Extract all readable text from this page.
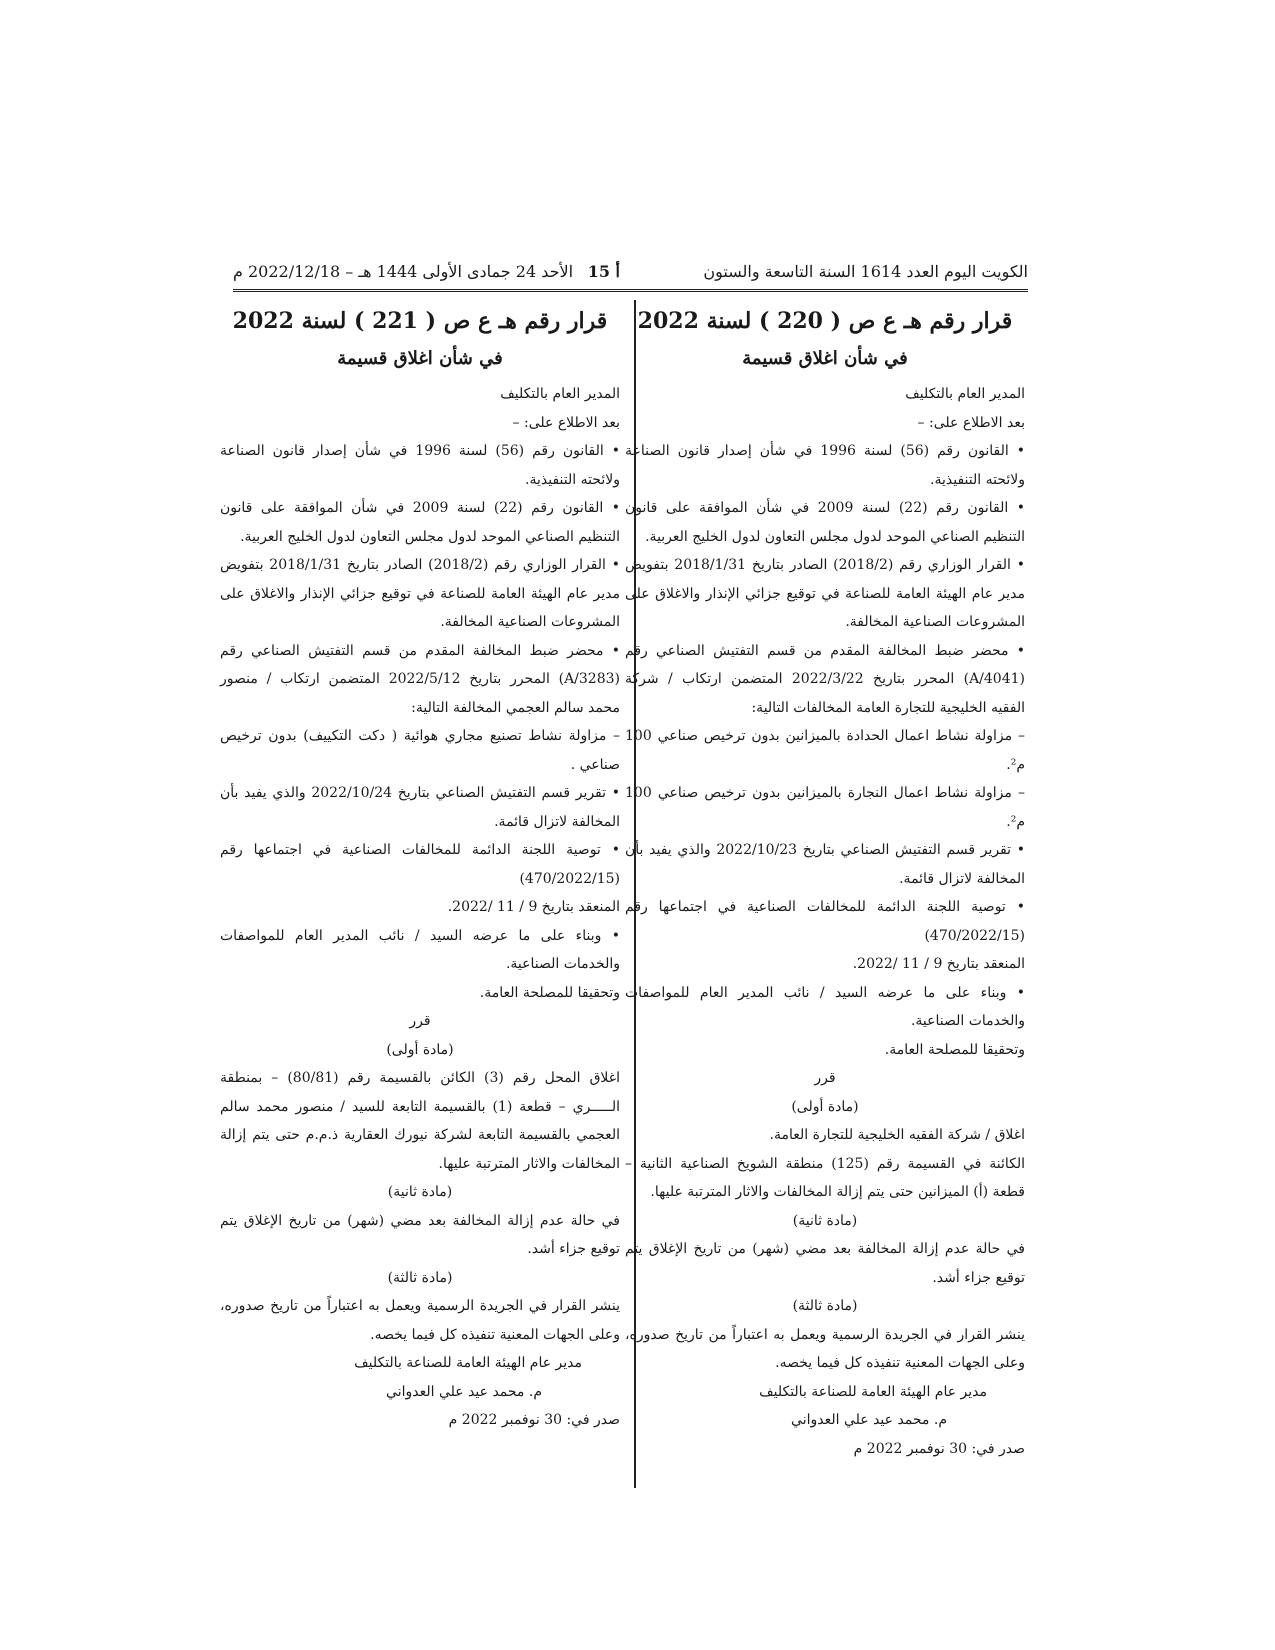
الكويت اليوم العدد 1614 السنة التاسعة والستون
أ 15
الأحد 24 جمادى الأولى 1444 هـ – 2022/12/18 م
قرار رقم هـ ع ص ( 220 ) لسنة 2022
في شأن اغلاق قسيمة

المدير العام بالتكليف

بعد الاطلاع على: –

• القانون رقم (56) لسنة 1996 في شأن إصدار قانون الصناعة ولائحته التنفيذية.

• القانون رقم (22) لسنة 2009 في شأن الموافقة على قانون التنظيم الصناعي الموحد لدول مجلس التعاون لدول الخليج العربية.

• القرار الوزاري رقم (2018/2) الصادر بتاريخ 2018/1/31 بتفويض مدير عام الهيئة العامة للصناعة في توقيع جزائي الإنذار والاغلاق على المشروعات الصناعية المخالفة.

• محضر ضبط المخالفة المقدم من قسم التفتيش الصناعي رقم (A/4041) المحرر بتاريخ 2022/3/22 المتضمن ارتكاب / شركة الفقيه الخليجية للتجارة العامة المخالفات التالية:

– مزاولة نشاط اعمال الحدادة بالميزانين بدون ترخيص صناعي 100 م².

– مزاولة نشاط اعمال النجارة بالميزانين بدون ترخيص صناعي 100 م².

• تقرير قسم التفتيش الصناعي بتاريخ 2022/10/23 والذي يفيد بأن المخالفة لاتزال قائمة.

• توصية اللجنة الدائمة للمخالفات الصناعية في اجتماعها رقم (470/2022/15)

المنعقد بتاريخ 9 / 11 /2022.

• وبناء على ما عرضه السيد / نائب المدير العام للمواصفات والخدمات الصناعية.

وتحقيقا للمصلحة العامة.

قرر

(مادة أولى)

اغلاق / شركة الفقيه الخليجية للتجارة العامة.

الكائنة في القسيمة رقم (125) منطقة الشويخ الصناعية الثانية – قطعة (أ) الميزانين حتى يتم إزالة المخالفات والاثار المترتبة عليها.

(مادة ثانية)

في حالة عدم إزالة المخالفة بعد مضي (شهر) من تاريخ الإغلاق يتم توقيع جزاء أشد.

(مادة ثالثة)

ينشر القرار في الجريدة الرسمية ويعمل به اعتباراً من تاريخ صدوره، وعلى الجهات المعنية تنفيذه كل فيما يخصه.

مدير عام الهيئة العامة للصناعة بالتكليف

م. محمد عيد علي العدواني

صدر في: 30 نوفمبر 2022 م

قرار رقم هـ ع ص ( 221 ) لسنة 2022
في شأن اغلاق قسيمة

المدير العام بالتكليف

بعد الاطلاع على: –

• القانون رقم (56) لسنة 1996 في شأن إصدار قانون الصناعة ولائحته التنفيذية.

• القانون رقم (22) لسنة 2009 في شأن الموافقة على قانون التنظيم الصناعي الموحد لدول مجلس التعاون لدول الخليج العربية.

• القرار الوزاري رقم (2018/2) الصادر بتاريخ 2018/1/31 بتفويض مدير عام الهيئة العامة للصناعة في توقيع جزائي الإنذار والاغلاق على المشروعات الصناعية المخالفة.

• محضر ضبط المخالفة المقدم من قسم التفتيش الصناعي رقم (A/3283) المحرر بتاريخ 2022/5/12 المتضمن ارتكاب / منصور محمد سالم العجمي المخالفة التالية:

– مزاولة نشاط تصنيع مجاري هوائية ( دكت التكييف) بدون ترخيص صناعي .

• تقرير قسم التفتيش الصناعي بتاريخ 2022/10/24 والذي يفيد بأن المخالفة لاتزال قائمة.

• توصية اللجنة الدائمة للمخالفات الصناعية في اجتماعها رقم (470/2022/15)

المنعقد بتاريخ 9 / 11 /2022.

• وبناء على ما عرضه السيد / نائب المدير العام للمواصفات والخدمات الصناعية.

وتحقيقا للمصلحة العامة.

قرر

(مادة أولى)

اغلاق المحل رقم (3) الكائن بالقسيمة رقم (80/81) – بمنطقة الـــــري – قطعة (1) بالقسيمة التابعة للسيد / منصور محمد سالم العجمي بالقسيمة التابعة لشركة نيورك العقارية ذ.م.م حتى يتم إزالة المخالفات والاثار المترتبة عليها.

(مادة ثانية)

في حالة عدم إزالة المخالفة بعد مضي (شهر) من تاريخ الإغلاق يتم توقيع جزاء أشد.

(مادة ثالثة)

ينشر القرار في الجريدة الرسمية ويعمل به اعتباراً من تاريخ صدوره، وعلى الجهات المعنية تنفيذه كل فيما يخصه.

مدير عام الهيئة العامة للصناعة بالتكليف

م. محمد عيد علي العدواني

صدر في: 30 نوفمبر 2022 م
